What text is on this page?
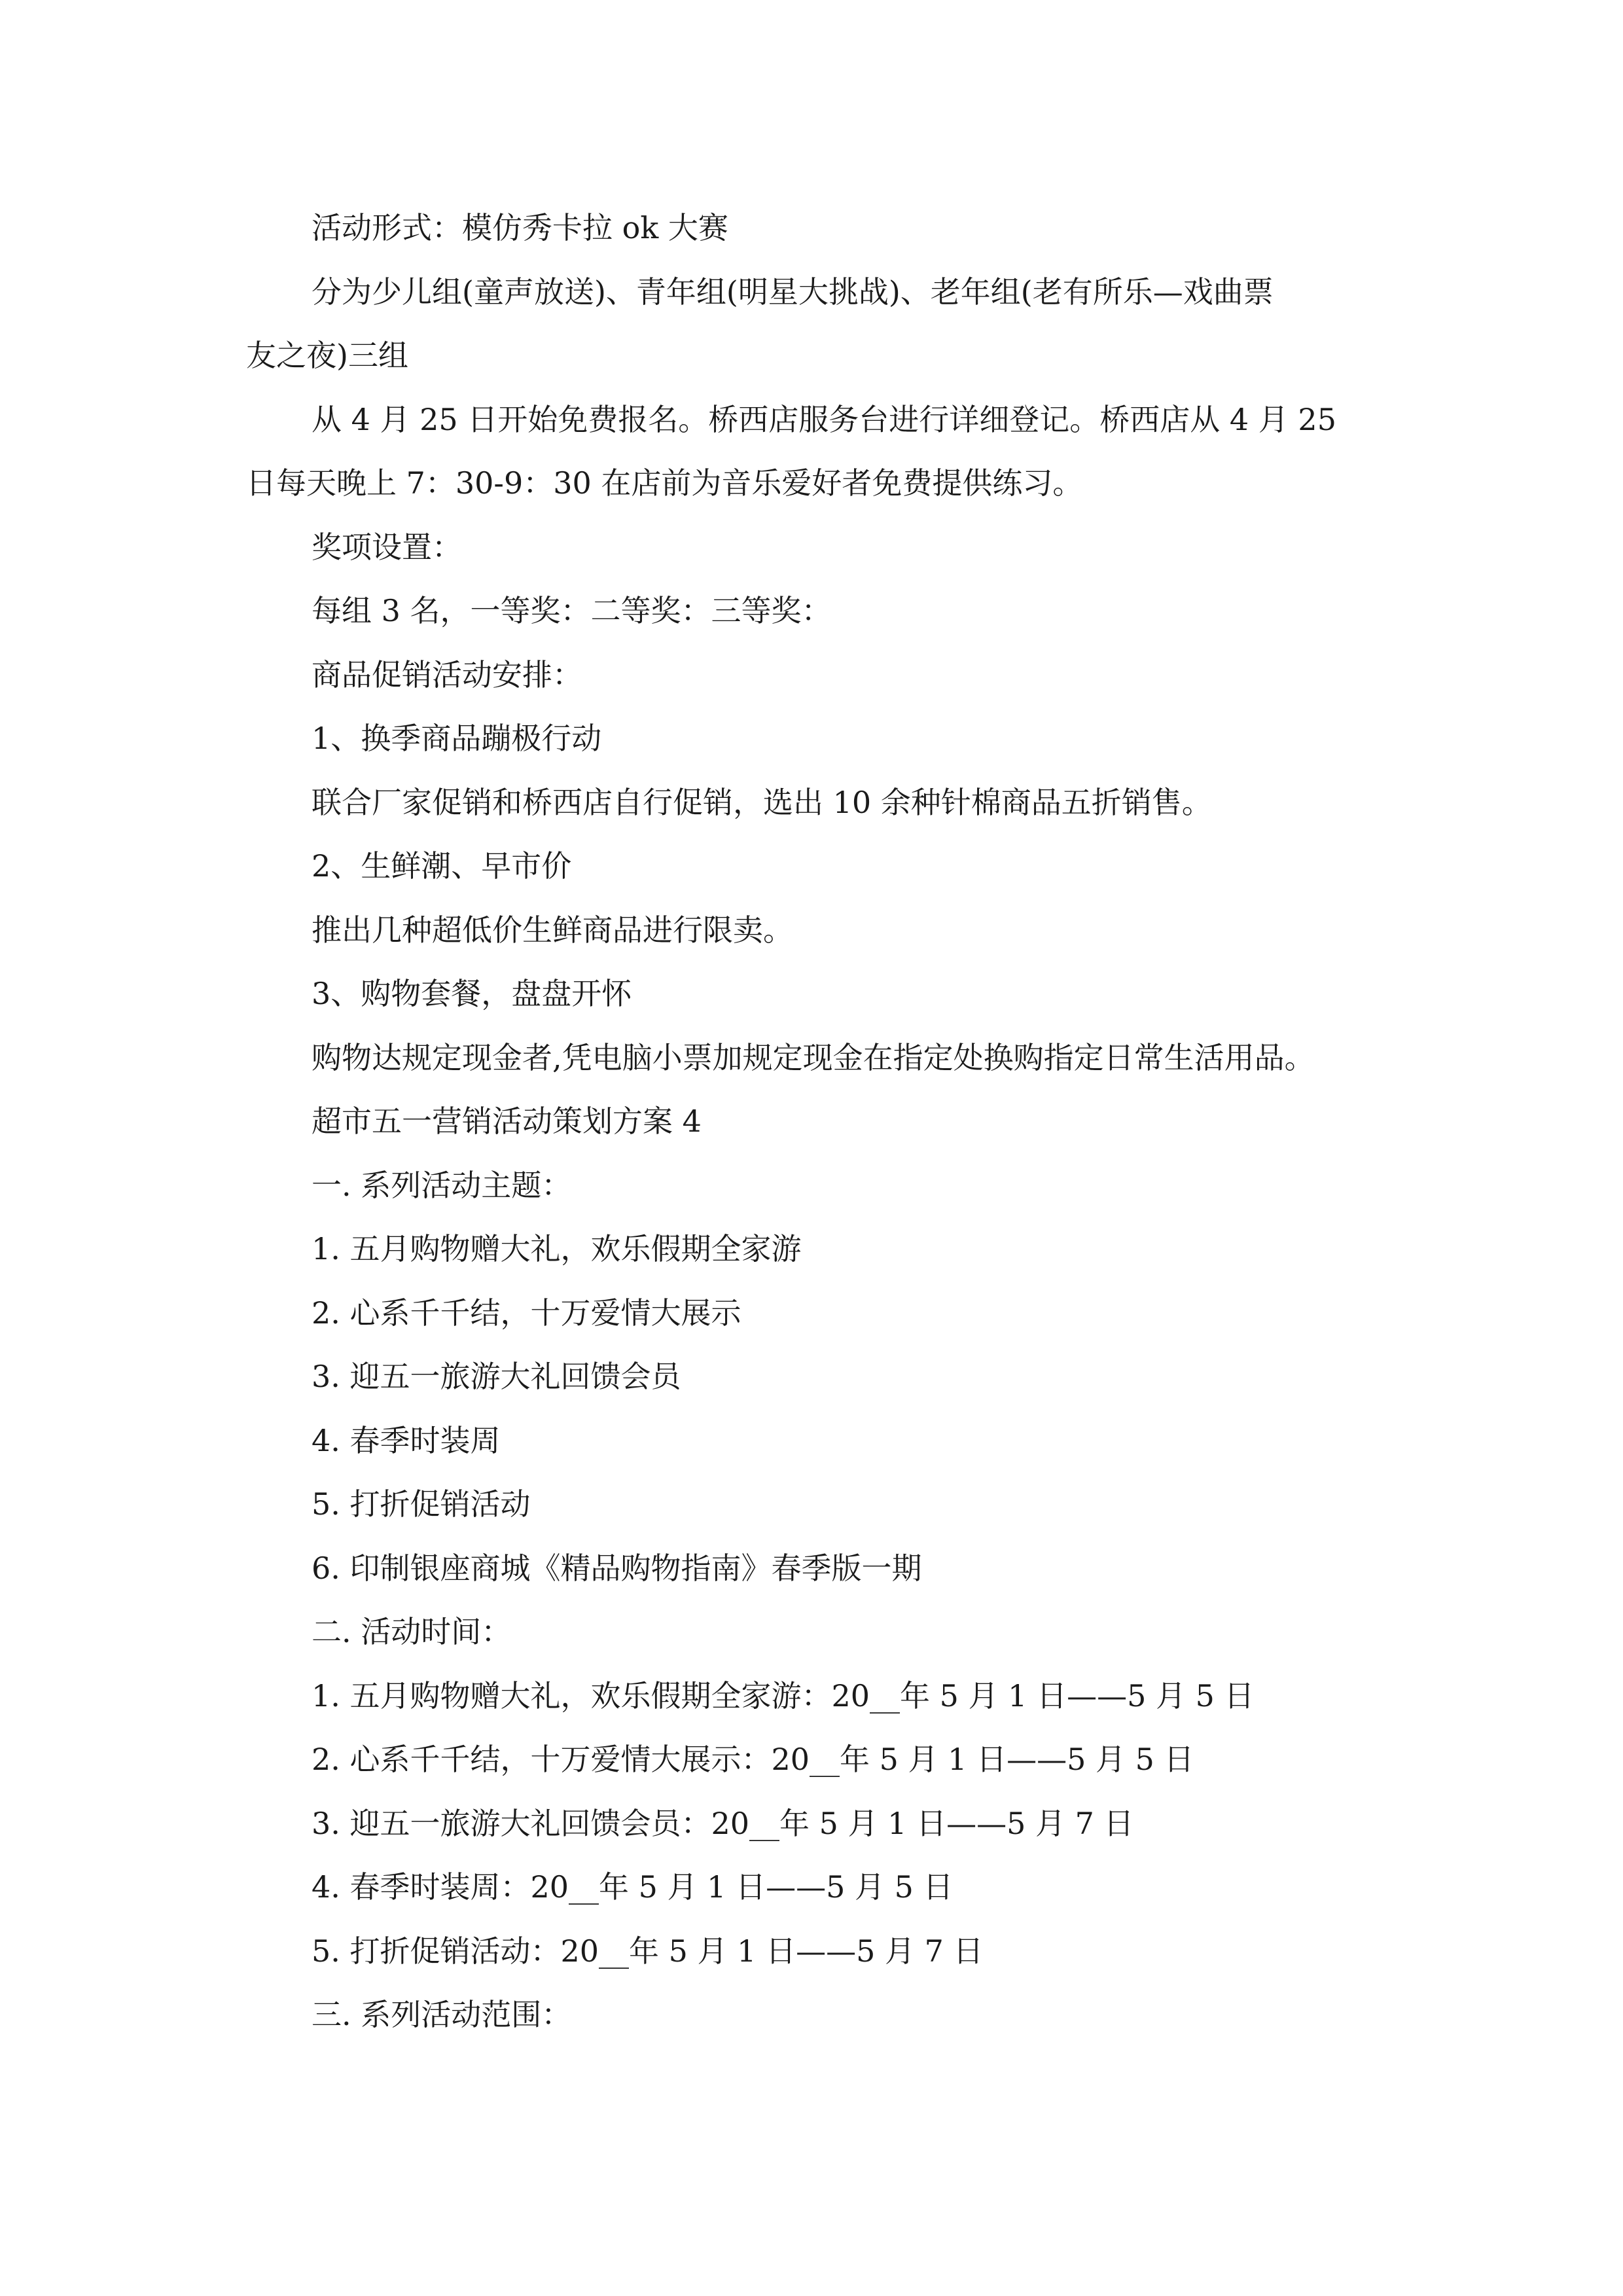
活动形式：模仿秀卡拉 ok 大赛

分为少儿组(童声放送)、青年组(明星大挑战)、老年组(老有所乐—戏曲票

友之夜)三组

从 4 月 25 日开始免费报名。桥西店服务台进行详细登记。桥西店从 4 月 25

日每天晚上 7：30-9：30 在店前为音乐爱好者免费提供练习。

奖项设置：

每组 3 名，一等奖：二等奖：三等奖：

商品促销活动安排：

1、换季商品蹦极行动

联合厂家促销和桥西店自行促销，选出 10 余种针棉商品五折销售。

2、生鲜潮、早市价

推出几种超低价生鲜商品进行限卖。

3、购物套餐，盘盘开怀

购物达规定现金者,凭电脑小票加规定现金在指定处换购指定日常生活用品。

超市五一营销活动策划方案 4

一. 系列活动主题：

1. 五月购物赠大礼，欢乐假期全家游

2. 心系千千结，十万爱情大展示

3. 迎五一旅游大礼回馈会员

4. 春季时装周

5. 打折促销活动

6. 印制银座商城《精品购物指南》春季版一期

二. 活动时间：

1. 五月购物赠大礼，欢乐假期全家游：20__年 5 月 1 日——5 月 5 日

2. 心系千千结，十万爱情大展示：20__年 5 月 1 日——5 月 5 日

3. 迎五一旅游大礼回馈会员：20__年 5 月 1 日——5 月 7 日

4. 春季时装周：20__年 5 月 1 日——5 月 5 日

5. 打折促销活动：20__年 5 月 1 日——5 月 7 日

三. 系列活动范围：
